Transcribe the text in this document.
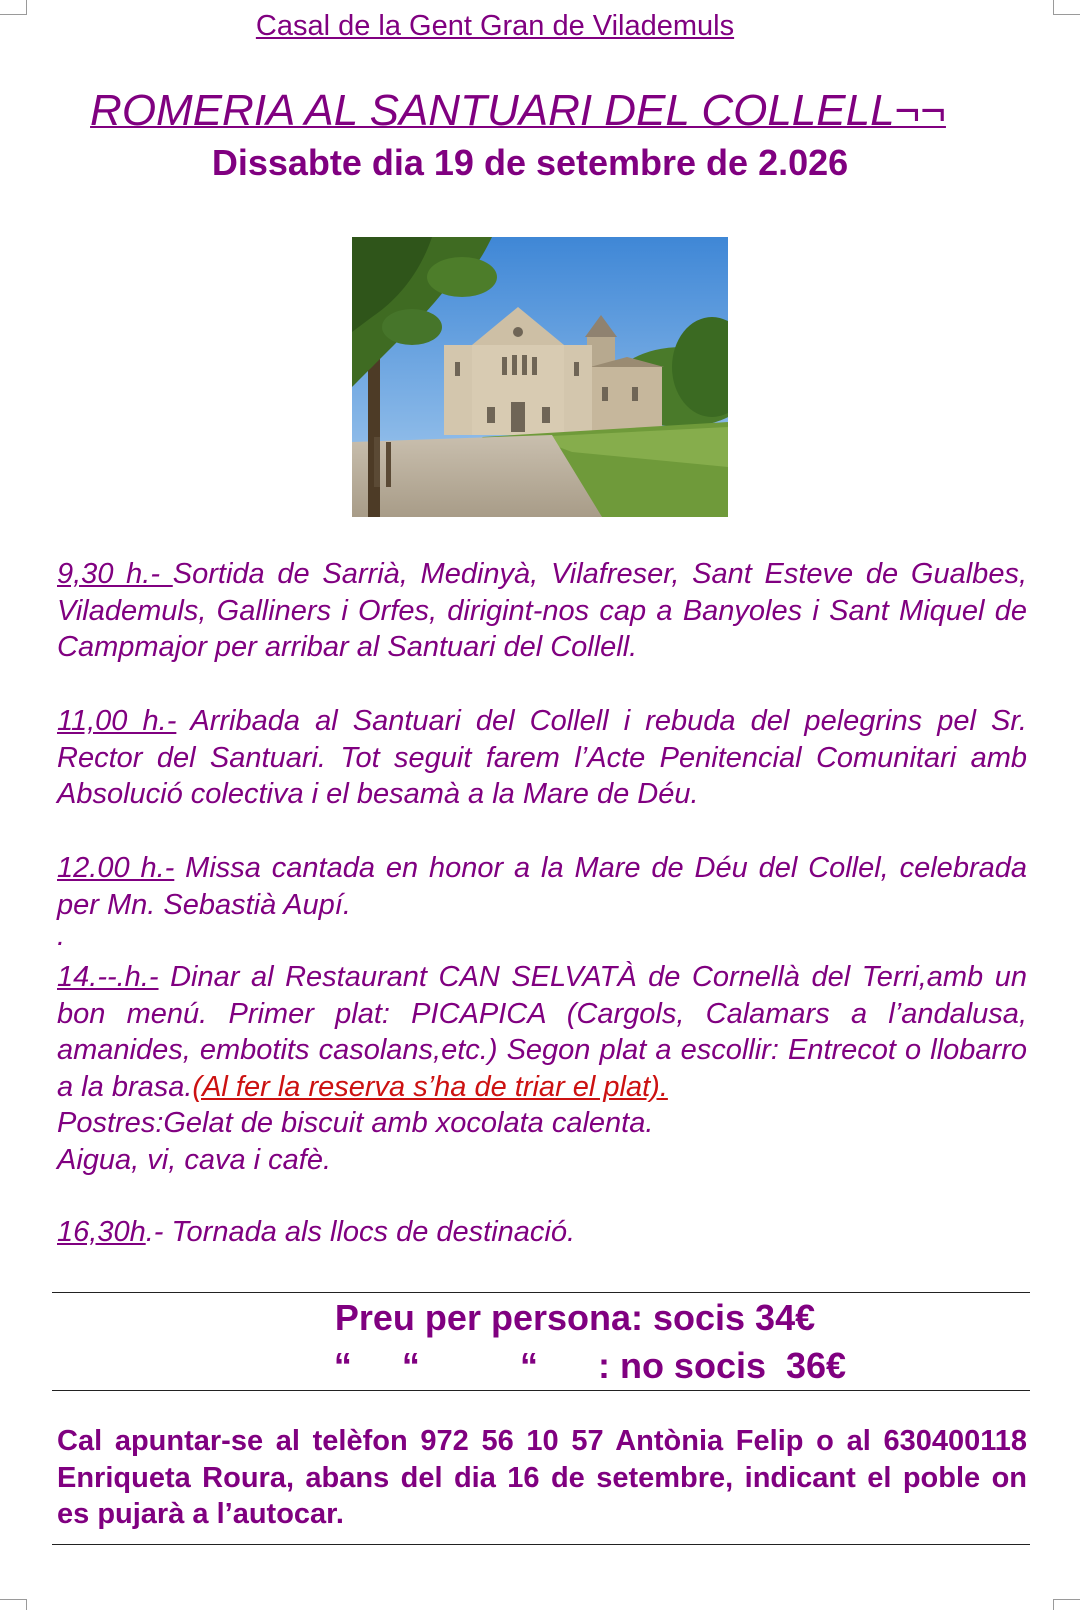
Casal de la Gent Gran de Vilademuls
ROMERIA AL SANTUARI DEL COLLELL¬¬
Dissabte dia 19 de setembre de 2.026

9,30 h.- Sortida de Sarrià, Medinyà, Vilafreser, Sant Esteve de Gualbes, Vilademuls, Galliners i Orfes, dirigint-nos cap a Banyoles i Sant Miquel de Campmajor per arribar al Santuari del Collell.

11,00 h.- Arribada al Santuari del Collell i rebuda del pelegrins pel Sr. Rector del Santuari. Tot seguit farem l’Acte Penitencial Comunitari amb Absolució colectiva i el besamà a la Mare de Déu.

12.00 h.- Missa cantada en honor a la Mare de Déu del Collel, celebrada per Mn. Sebastià Aupí.

.

14.--.h.- Dinar al Restaurant CAN SELVATÀ de Cornellà del Terri,amb un bon menú. Primer plat: PICAPICA (Cargols, Calamars a l’andalusa, amanides, embotits casolans,etc.) Segon plat a escollir: Entrecot o llobarro a la brasa.(Al fer la reserva s’ha de triar el plat).

Postres:Gelat de biscuit amb xocolata calenta.

Aigua, vi, cava i cafè.

16,30h.- Tornada als llocs de destinació.

Preu per persona: socis 34€
“     “          “      : no socis  36€
Cal apuntar-se al telèfon 972 56 10 57 Antònia Felip o al 630400118 Enriqueta Roura, abans del dia 16 de setembre, indicant el poble on es pujarà a l’autocar.
